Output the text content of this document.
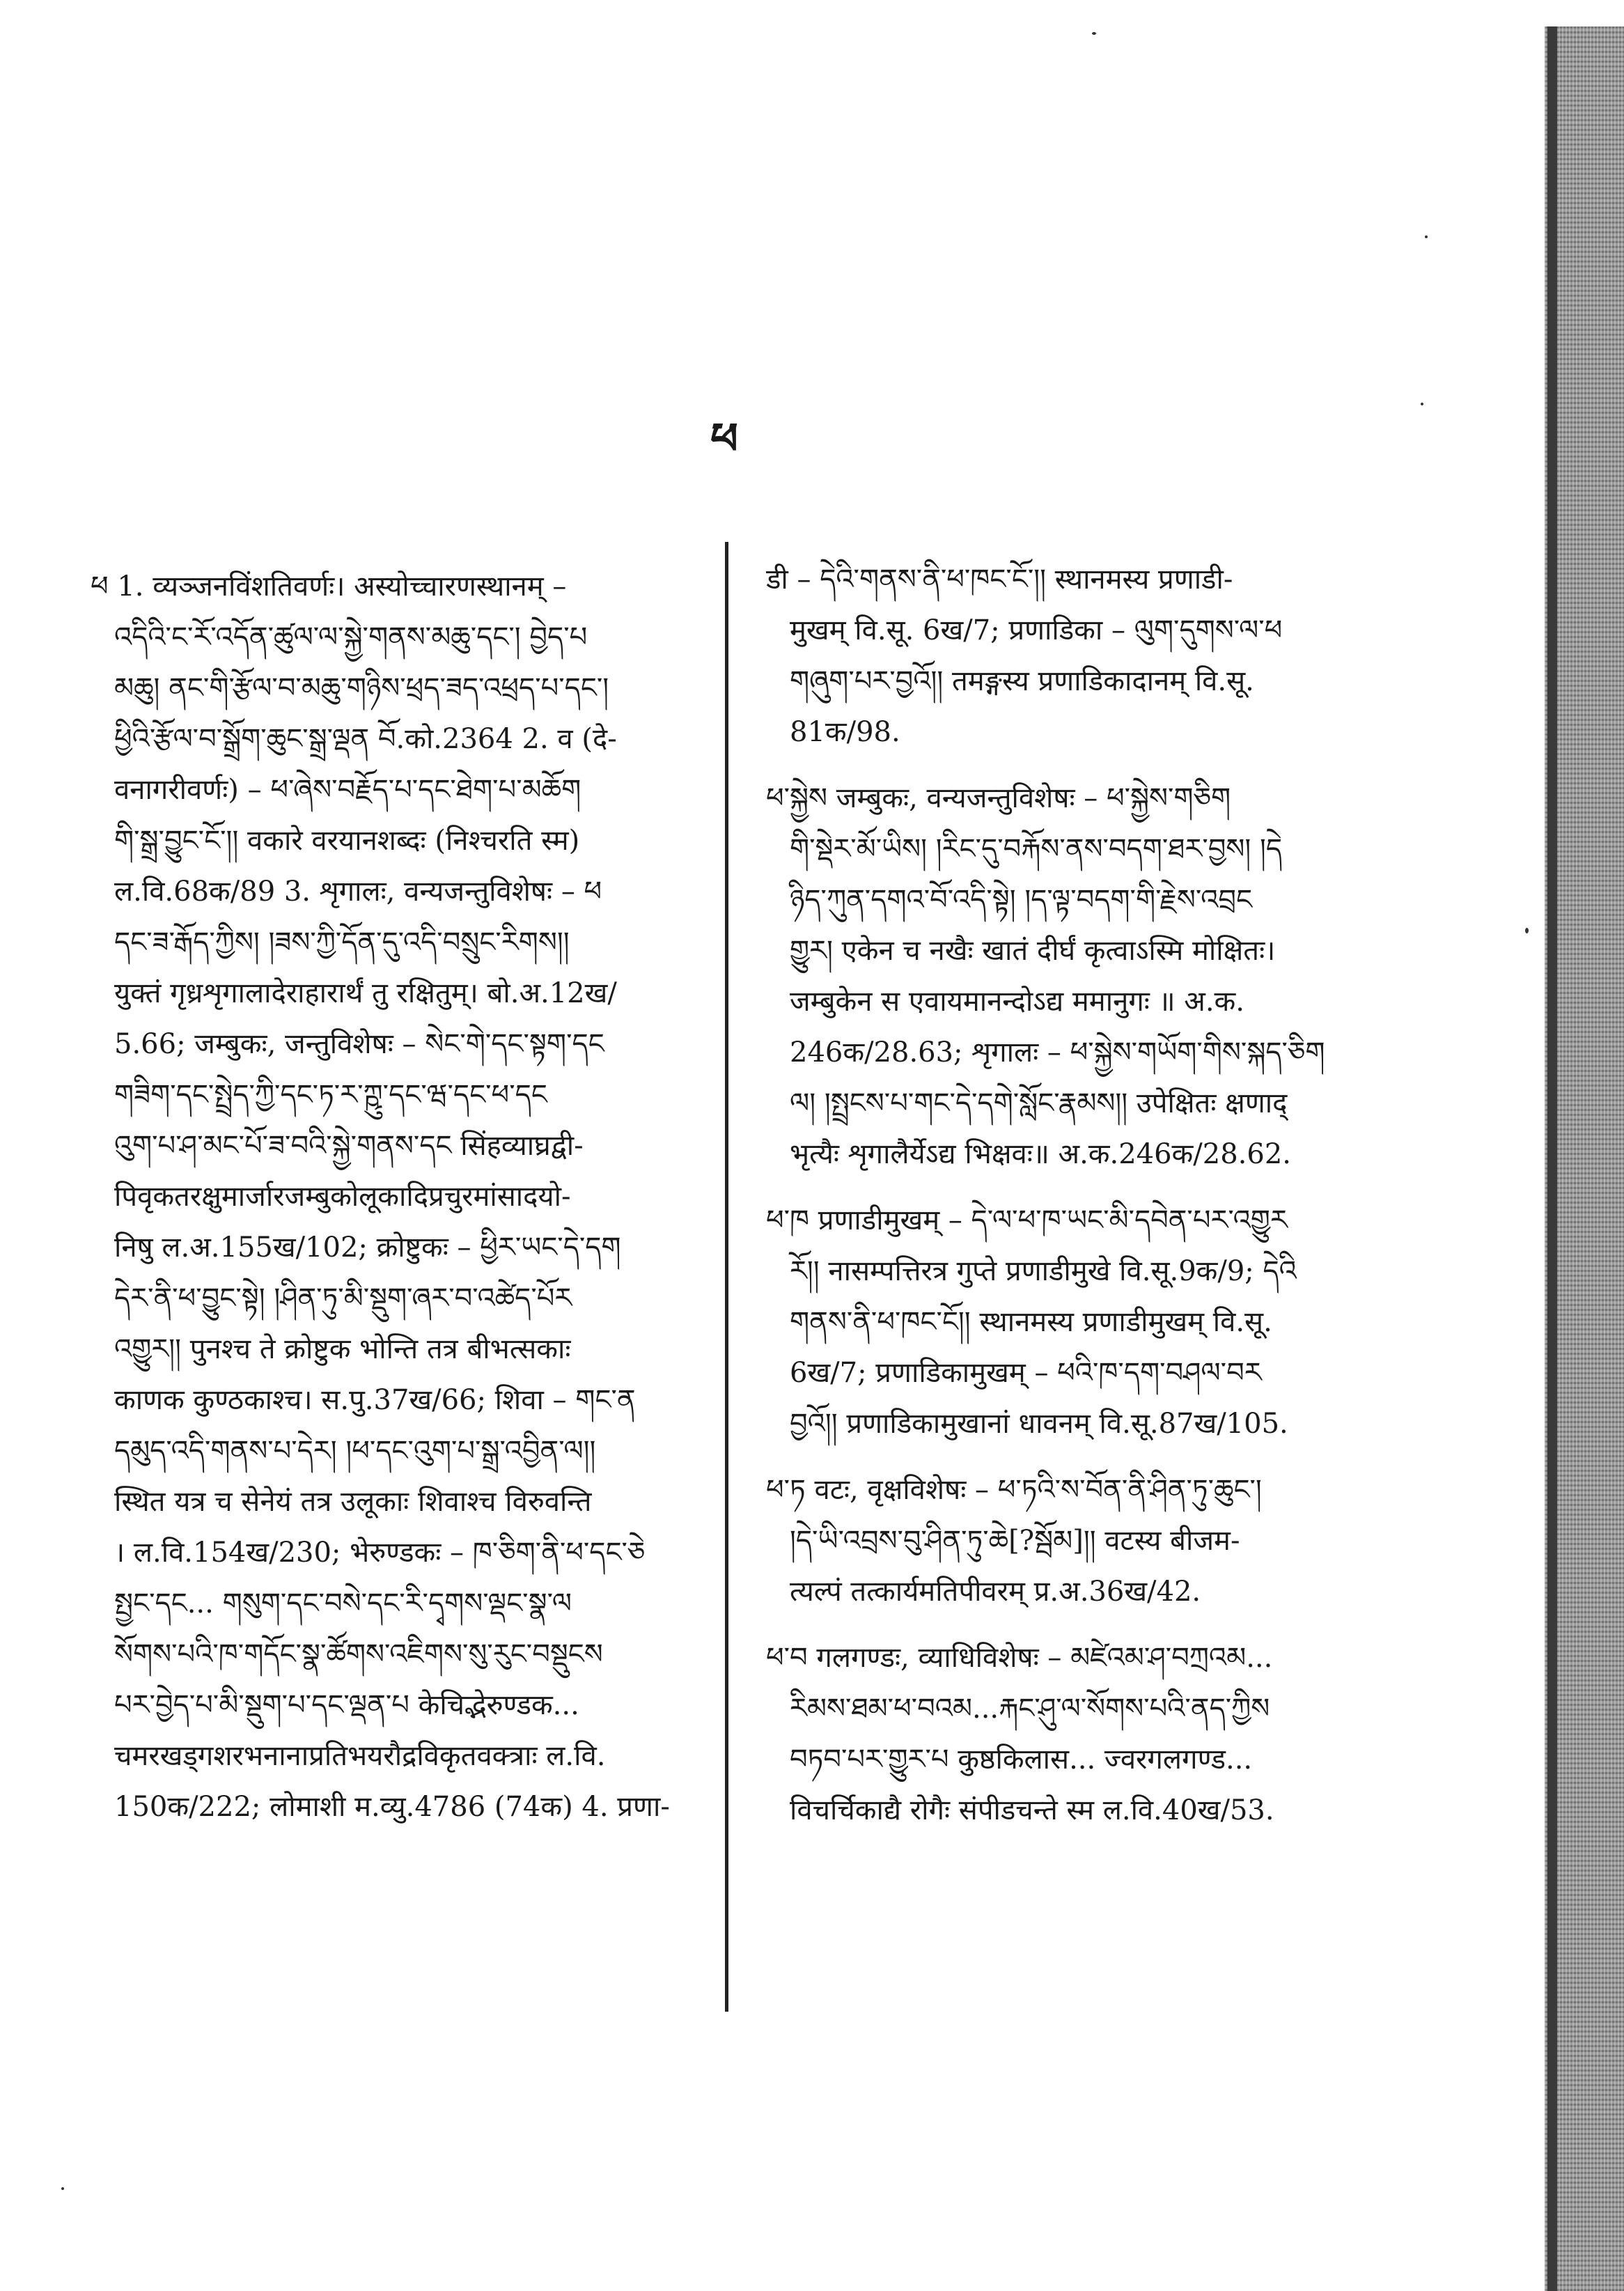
ཕ
ཕ 1. व्यञ्जनविंशतिवर्णः। अस्योच्चारणस्थानम् –
འདིའི་ང་རོ་འདོན་ཚུལ་ལ་སྐྱེ་གནས་མཆུ་དང་། བྱེད་པ
མཆུ། ནང་གི་རྩོལ་བ་མཆུ་གཉིས་ཕྲད་ཟད་འཕྲད་པ་དང་།
ཕྱིའི་རྩོལ་བ་སྒྲོག་ཆུང་སྒྲ་ལྡན བོ.को.2364 2. व (दे-
वनागरीवर्णः) – ཕ་ཞེས་བརྗོད་པ་དང་ཐེག་པ་མཆོག
གི་སྒྲ་བྱུང་ངོ་།། वकारे वरयानशब्दः (निश्चरति स्म)
ल.वि.68क/89 3. शृगालः, वन्यजन्तुविशेषः – ཕ
དང་ཟ་རྒོད་ཀྱིས། །ཟས་ཀྱི་དོན་དུ་འདི་བསྲུང་རིགས།།
युक्तं गृध्रशृगालादेराहारार्थं तु रक्षितुम्। बो.अ.12ख/
5.66; जम्बुकः, जन्तुविशेषः – སེང་གེ་དང་སྟག་དང
གཟིག་དང་སྤྲེད་ཀྱི་དང་ཏ་ར་ཀྵུ་དང་ཝ་དང་ཕ་དང
འུག་པ་ཤ་མང་པོ་ཟ་བའི་སྐྱེ་གནས་དང सिंहव्याघ्रद्वी-
पिवृकतरक्षुमार्जारजम्बुकोलूकादिप्रचुरमांसादयो-
निषु ल.अ.155ख/102; क्रोष्टुकः – ཕྱིར་ཡང་དེ་དག
དེར་ནི་ཕ་བྱུང་སྟེ། །ཤིན་ཏུ་མི་སྡུག་ཞར་བ་འཚེད་པོར
འགྱུར།། पुनश्च ते क्रोष्टुक भोन्ति तत्र बीभत्सकाः
काणक कुण्ठकाश्च। स.पु.37ख/66; शिवा – གང་ན
དམུད་འདི་གནས་པ་དེར། །ཕ་དང་འུག་པ་སྒྲ་འབྱིན་ལ།།
स्थित यत्र च सेनेयं तत्र उलूकाः शिवाश्च विरुवन्ति
। ल.वि.154ख/230; भेरुण्डकः – ཁ་ཅིག་ནི་ཕ་དང་ཅེ
སྤྱང་དང... གསུག་དང་བསེ་དང་རི་དྭགས་ལྡང་སྣ་ལ
སོགས་པའི་ཁ་གདོང་སྣ་ཚོགས་འཇིགས་སུ་རུང་བསྡུངས
པར་བྱེད་པ་མི་སྡུག་པ་དང་ལྡན་པ केचिद्भेरुण्डक...
चमरखड्गशरभनानाप्रतिभयरौद्रविकृतवक्त्राः ल.वि.
150क/222; लोमाशी म.व्यु.4786 (74क) 4. प्रणा-
डी – དེའི་གནས་ནི་ཕ་ཁང་ངོ་།། स्थानमस्य प्रणाडी-
मुखम् वि.सू. 6ख/7; प्रणाडिका – ལུག་དུགས་ལ་ཕ
གཞུག་པར་བྱའོ།། तमङ्गस्य प्रणाडिकादानम् वि.सू.
81क/98.
ཕ་སྐྱེས जम्बुकः, वन्यजन्तुविशेषः – ཕ་སྐྱེས་གཅིག
གི་སྡེར་མོ་ཡིས། །རིང་དུ་བརྐོས་ནས་བདག་ཐར་བྱས། །དེ
ཉིད་ཀུན་དགའ་བོ་འདི་སྟེ། །ད་ལྟ་བདག་གི་རྗེས་འབྲང
གྱུར། एकेन च नखैः खातं दीर्घं कृत्वाऽस्मि मोक्षितः।
जम्बुकेन स एवायमानन्दोऽद्य ममानुगः ॥ अ.क.
246क/28.63; शृगालः – ཕ་སྐྱེས་གཡོག་གིས་སྐད་ཅིག
ལ། །སྤྲངས་པ་གང་དེ་དགེ་སློང་རྣམས།། उपेक्षितः क्षणाद्
भृत्यैः शृगालैर्येऽद्य भिक्षवः॥ अ.क.246क/28.62.
ཕ་ཁ प्रणाडीमुखम् – དེ་ལ་ཕ་ཁ་ཡང་མི་དབེན་པར་འགྱུར
རོ།། नासम्पत्तिरत्र गुप्ते प्रणाडीमुखे वि.सू.9क/9; དེའི
གནས་ནི་ཕ་ཁང་ངོ།། स्थानमस्य प्रणाडीमुखम् वि.सू.
6ख/7; प्रणाडिकामुखम् – ཕའི་ཁ་དག་བཤལ་བར
བྱའོ།། प्रणाडिकामुखानां धावनम् वि.सू.87ख/105.
ཕ་ཏ वटः, वृक्षविशेषः – ཕ་ཏའི་ས་བོན་ནི་ཤིན་ཏུ་ཆུང་།
།དེ་ཡི་འབྲས་བུ་ཤིན་ཏུ་ཆེ[?སྦོམ]།། वटस्य बीजम-
त्यल्पं तत्कार्यमतिपीवरम् प्र.अ.36ख/42.
ཕ་བ गलगण्डः, व्याधिविशेषः – མཛེའམ་ཤ་བཀྲའམ...
རིམས་ཐམ་ཕ་བའམ...རྐང་ཤུ་ལ་སོགས་པའི་ནད་ཀྱིས
བཏབ་པར་གྱུར་པ कुष्ठकिलास... ज्वरगलगण्ड...
विचर्चिकाद्यै रोगैः संपीडचन्ते स्म ल.वि.40ख/53.
